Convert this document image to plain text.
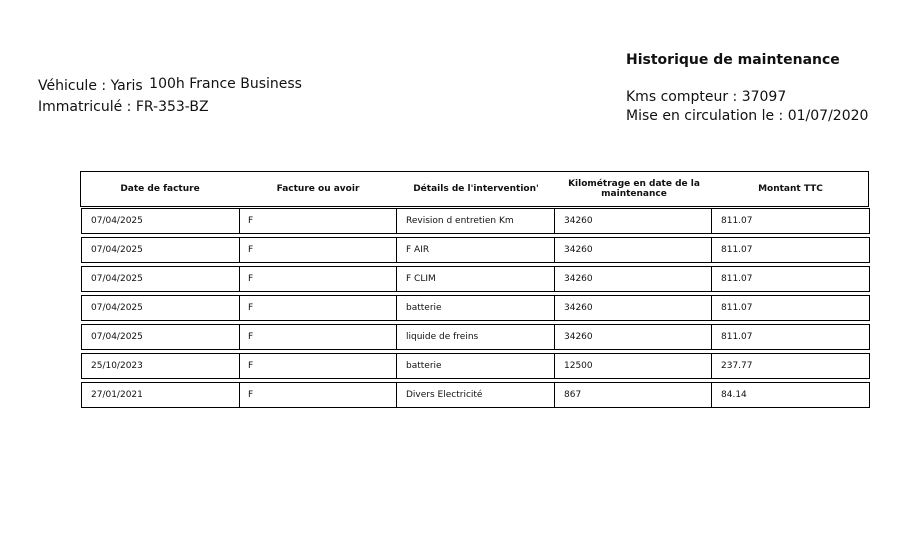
Véhicule : Yaris 100h France Business
Immatriculé : FR-353-BZ
Historique de maintenance
Kms compteur : 37097
Mise en circulation le : 01/07/2020
Date de facture	Facture ou avoir	Détails de l'intervention'	Kilométrage en date de la maintenance	Montant TTC
07/04/2025	F	Revision d entretien Km	34260	811.07
07/04/2025	F	F AIR	34260	811.07
07/04/2025	F	F CLIM	34260	811.07
07/04/2025	F	batterie	34260	811.07
07/04/2025	F	liquide de freins	34260	811.07
25/10/2023	F	batterie	12500	237.77
27/01/2021	F	Divers Electricité	867	84.14
